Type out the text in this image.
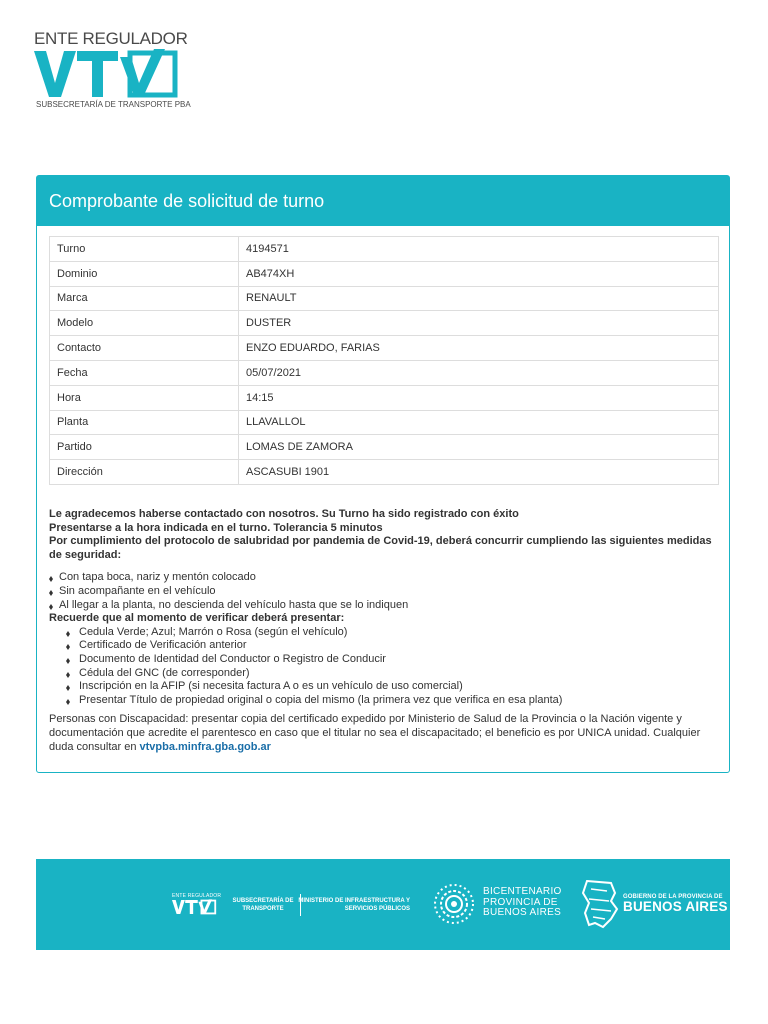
ENTE REGULADOR
SUBSECRETARÍA DE TRANSPORTE PBA
Comprobante de solicitud de turno
Turno	4194571
Dominio	AB474XH
Marca	RENAULT
Modelo	DUSTER
Contacto	ENZO EDUARDO, FARIAS
Fecha	05/07/2021
Hora	14:15
Planta	LLAVALLOL
Partido	LOMAS DE ZAMORA
Dirección	ASCASUBI 1901
Le agradecemos haberse contactado con nosotros. Su Turno ha sido registrado con éxito
Presentarse a la hora indicada en el turno. Tolerancia 5 minutos
Por cumplimiento del protocolo de salubridad por pandemia de Covid-19, deberá concurrir cumpliendo las siguientes medidas de seguridad:
Con tapa boca, nariz y mentón colocado
Sin acompañante en el vehículo
Al llegar a la planta, no descienda del vehículo hasta que se lo indiquen
Recuerde que al momento de verificar deberá presentar:
Cedula Verde; Azul; Marrón o Rosa (según el vehículo)
Certificado de Verificación anterior
Documento de Identidad del Conductor o Registro de Conducir
Cédula del GNC (de corresponder)
Inscripción en la AFIP (si necesita factura A o es un vehículo de uso comercial)
Presentar Título de propiedad original o copia del mismo (la primera vez que verifica en esa planta)
Personas con Discapacidad: presentar copia del certificado expedido por Ministerio de Salud de la Provincia o la Nación vigente y documentación que acredite el parentesco en caso que el titular no sea el discapacitado; el beneficio es por UNICA unidad. Cualquier duda consultar en vtvpba.minfra.gba.gob.ar
ENTE REGULADOR
SUBSECRETARÍA DE TRANSPORTE
MINISTERIO DE INFRAESTRUCTURA Y SERVICIOS PÚBLICOS
BICENTENARIO
PROVINCIA DE
BUENOS AIRES
GOBIERNO DE LA PROVINCIA DE
BUENOS AIRES
